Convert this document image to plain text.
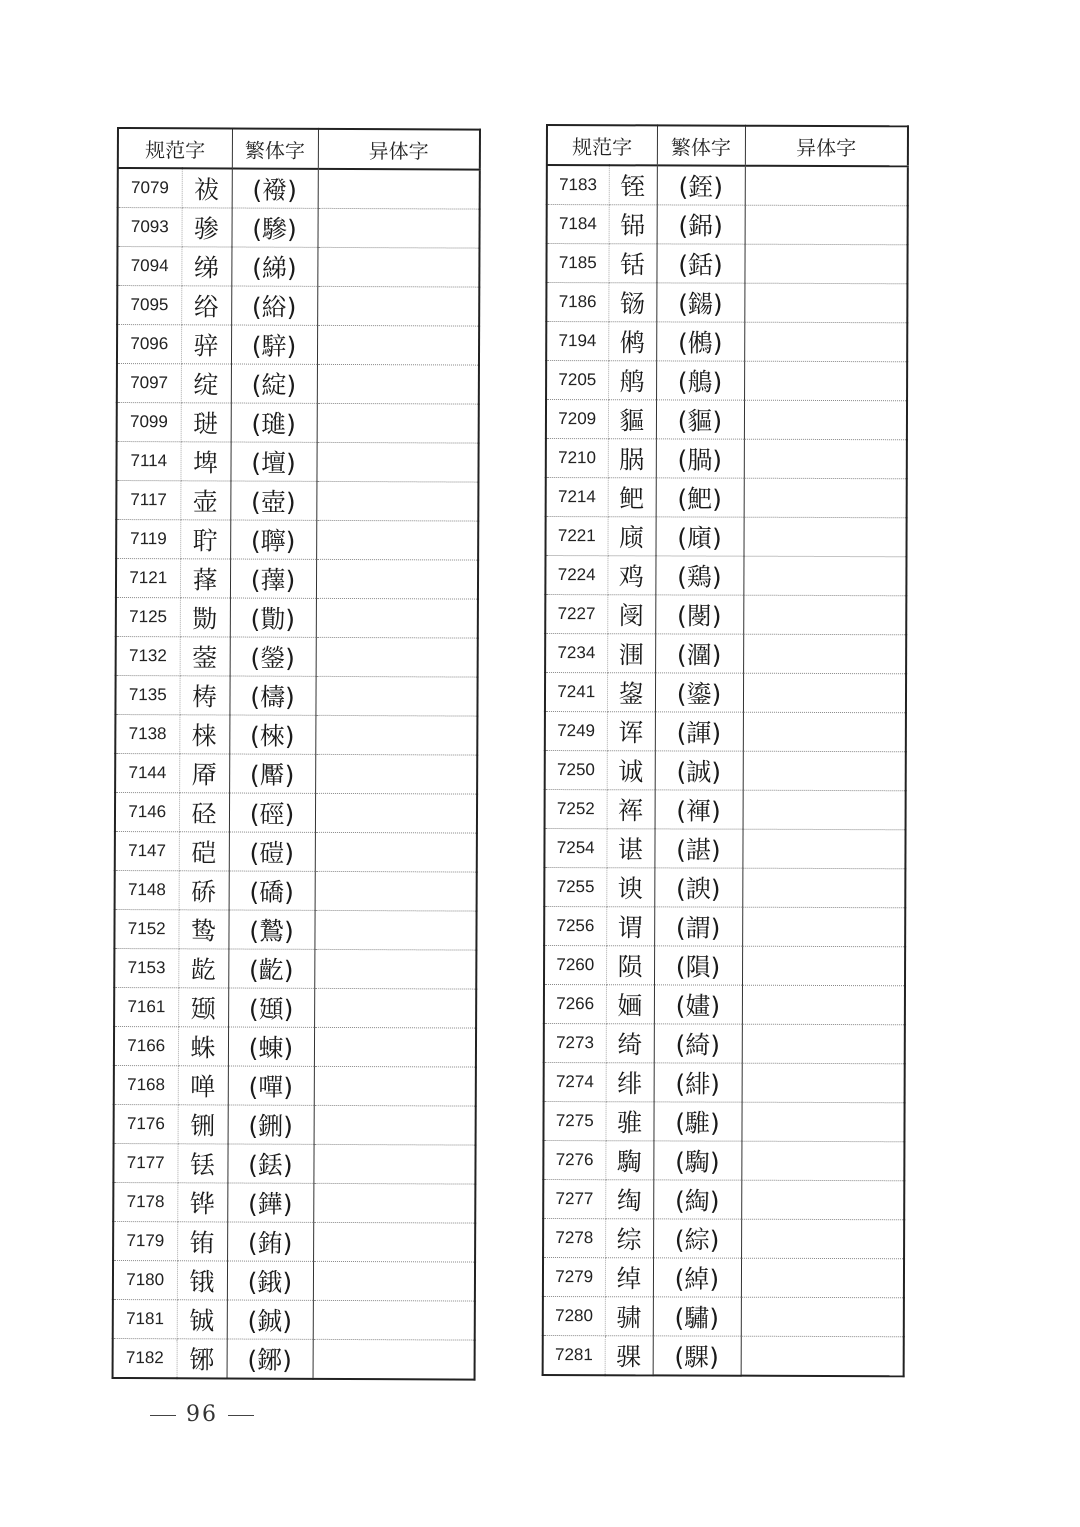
规范字		繁体字	异体字
7079	祓	(襏)	
7093	骖	(驂)	
7094	绨	(綈)	
7095	绤	(綌)	
7096	骍	(騂)	
7097	绽	(綻)	
7099	琎	(璡)	
7114	埤	(壇)	
7117	壶	(壺)	
7119	聍	(聹)	
7121	萚	(蘀)	
7125	勚	(勩)	
7132	蓥	(鎣)	
7135	梼	(檮)	
7138	梾	(棶)	
7144	厣	(厴)	
7146	硁	(硜)	
7147	硙	(磑)	
7148	硚	(礄)	
7152	鸷	(鷙)	
7153	龁	(齕)	
7161	颋	(頲)	
7166	蛛	(蝀)	
7168	啴	(嘽)	
7176	铏	(鉶)	
7177	铥	(銩)	
7178	铧	(鏵)	
7179	铕	(銪)	
7180	锇	(鋨)	
7181	铖	(鋮)	
7182	铘	(鋣)	
规范字		繁体字	异体字
7183	铚	(銍)	
7184	铞	(銱)	
7185	铦	(銛)	
7186	铴	(鐋)	
7194	鸺	(鵂)	
7205	鸼	(鵃)	
7209	貙	(貙)	
7210	脶	(腡)	
7214	鲃	(䰾)	
7221	庼	(廎)	
7224	鸡	(鶏)	
7227	阌	(閿)	
7234	涠	(潿)	
7241	鋆	(鎏)	
7249	诨	(諢)	
7250	诚	(誠)	
7252	裈	(褌)	
7254	谌	(諶)	
7255	谀	(諛)	
7256	谓	(謂)	
7260	陨	(隕)	
7266	婳	(嫿)	
7273	绮	(綺)	
7274	绯	(緋)	
7275	骓	(騅)	
7276	騊	(騊)	
7277	绹	(綯)	
7278	综	(綜)	
7279	绰	(綽)	
7280	骕	(驌)	
7281	骒	(騍)	
96
